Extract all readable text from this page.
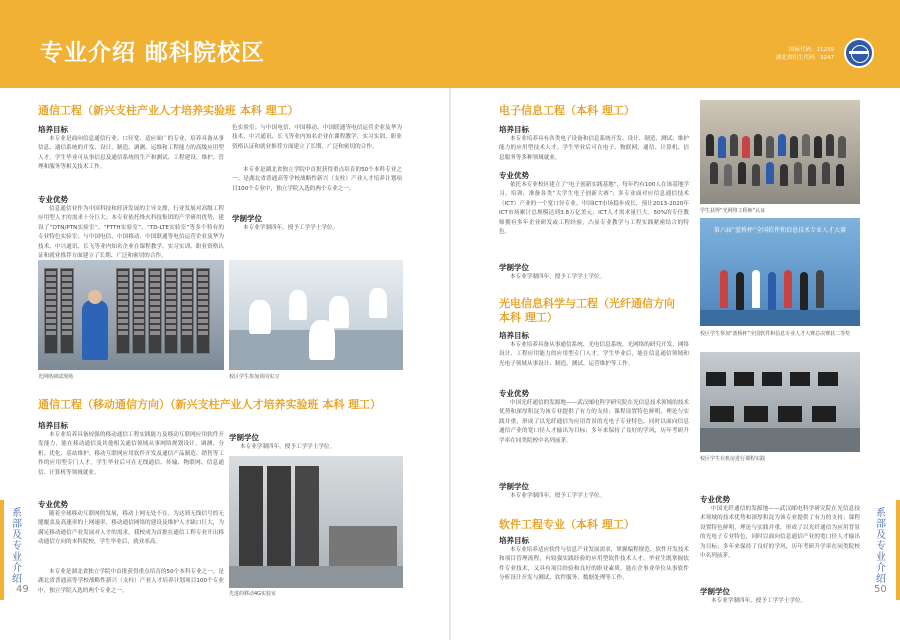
专业介绍 邮科院校区	国标代码：11239
湖北省招生代码：3247
系部及专业介绍
49
系部及专业介绍
50
通信工程（新兴支柱产业人才培养实验班 本科 理工）
培养目标
本专业是面向信息通信行业、口径宽、适应面广的专业，培养具备从事信息、通信系统的开发、设计、制造、调测、运维和工程能力的高级应用型人才。学生毕业可从事信息及通信系统的生产和测试、工程建设、维护、管理和服务等相关技术工作。
专业优势
信息通信业作为中国科技和经济发展的主导支撑，行业发展对高级工程应用型人才的需求十分巨大；本专业依托烽火科技集团的产学研用优势，建设了“OTN/PTN实验室”、“FTTH实验室”、“TD-LTE实验室”等多个特有的专业特色实验室；与中国电信、中国移动、中国联通等电信运营企业及华为技术、中兴通讯、长飞等业内知名企业在课程教学、实习实训、职业资格认证和就业推荐方面建立了长期、广泛和密切的合作。
色实验室；与中国电信、中国移动、中国联通等电信运营企业及华为技术、中兴通讯、长飞等业内知名企业在课程教学、实习实训、职业资格认证和就业推荐方面建立了长期、广泛和密切的合作。
本专业是湖北省独立学院中首批获得重点培育的50个本科专业之一；是湖北省普通高等学校战略性新兴（支柱）产业人才培养计划项目100个专业中，独立学院入选的两个专业之一。
学制学位
本专业学制四年，授予工学学士学位。
光网络调试现场	校区学生参加顶岗实习
通信工程（移动通信方向）（新兴支柱产业人才培养实验班 本科 理工）
培养目标
本专业培养具备较强的移动通信工程实践能力及移动互联网应用软件开发能力，能在移动通信及其他相关通信领域从事网络规划设计、调测、分析、优化、基站维护、移动互联网应用软件开发及通信产品制造、销售等工作的应用型专门人才。学生毕业后可在无线通信、传输、物联网、信息通信、计算机等领域就业。
专业优势
随着全球移动互联网的发展，移动上网无处不在。为达到无线信号的无缝覆盖及高速率的上网速率，移动通信网络的建设及维护人才缺口巨大，为满足移动通信产业发展对人才的需求，我校成为首批在通信工程专业开出移动通信方向的本科院校，学生毕业后，就业率高。
本专业是湖北省独立学院中首批获得重点培育的50个本科专业之一，是湖北省普通高等学校战略性新兴（支柱）产业人才培养计划项目100个专业中，独立学院入选的两个专业之一。
学制学位
本专业学制四年，授予工学学士学位。
先进的移动4G实验室
电子信息工程（本科 理工）
培养目标
本专业培养具有各类电子设备和信息系统开发、设计、制造、测试、维护能力的应用型技术人才。学生毕业后可在电子、物联网、通信、计算机、信息服务等多种领域就业。
专业优势
依托本专业校区建立了“电子创新实践基地”，每年约有100人在该基地学习、培训、准备各类“大学生电子创新大赛”；多专业面对应信息通信技术（ICT）产业的一个宽口径专业。中国ICT市场稳步成长，预计2013-2020年ICT市场累计总规模达到3.8万亿美元，ICT人才需求量巨大。50%的专任教师拥有多年企业研发或工程经验，凸显专业教学与工程实践紧密结合的特色。
学制学位
本专业学制四年，授予工学学士学位。
学生获得“光网络工程师”认证
第六届“蓝桥杯”全国软件和信息技术专业人才大赛
校区学生参加“蓝桥杯”全国软件和信息专业人才大赛总决赛获二等奖
光电信息科学与工程（光纤通信方向 本科 理工）
培养目标
本专业培养具备从事通信系统、光电信息系统、光网络的研究开发、网络设计、工程应用能力的应用型专门人才。学生毕业后，能在信息通信领域和光电子领域从事设计、制造、测试、运营维护等工作。
专业优势
中国光纤通信的发源地——武汉邮电科学研究院在光信息技术领域的技术优势和深厚积淀为该专业提供了有力的支持；课程设置特色鲜明，理论与实践并重，形成了以光纤通信为应用背景的光电子专业特色，同时以面向信息通信产业的宽口径人才输出为目标；多年来保持了良好的学风，历年考研升学率在同类院校中名列前茅。
学制学位
本专业学制四年，授予工学学士学位。
校区学生在机房进行课程实践
软件工程专业（本科 理工）
培养目标
本专业培养适应软件与信息产业发展需求，掌握编程规范、软件开发技术和项目管理流程，有较强实践经验的应用型软件技术人才。毕业生既掌握软件专业技术，又具有项目经验和良好的职业素质，能在企事业单位从事软件分析设计开发与测试、软件服务、数据处理等工作。
专业优势
中国光纤通信的发源地——武汉邮电科学研究院在光信息技术领域的技术优势和深厚积淀为该专业提供了有力的支持；课程设置特色鲜明，理论与实践并重，形成了以光纤通信为应用背景的光电子专业特色，同时以面向信息通信产业的宽口径人才输出为目标；多年来保持了良好的学风，历年考研升学率在同类院校中名列前茅。
学制学位
本专业学制四年，授予工学学士学位。
